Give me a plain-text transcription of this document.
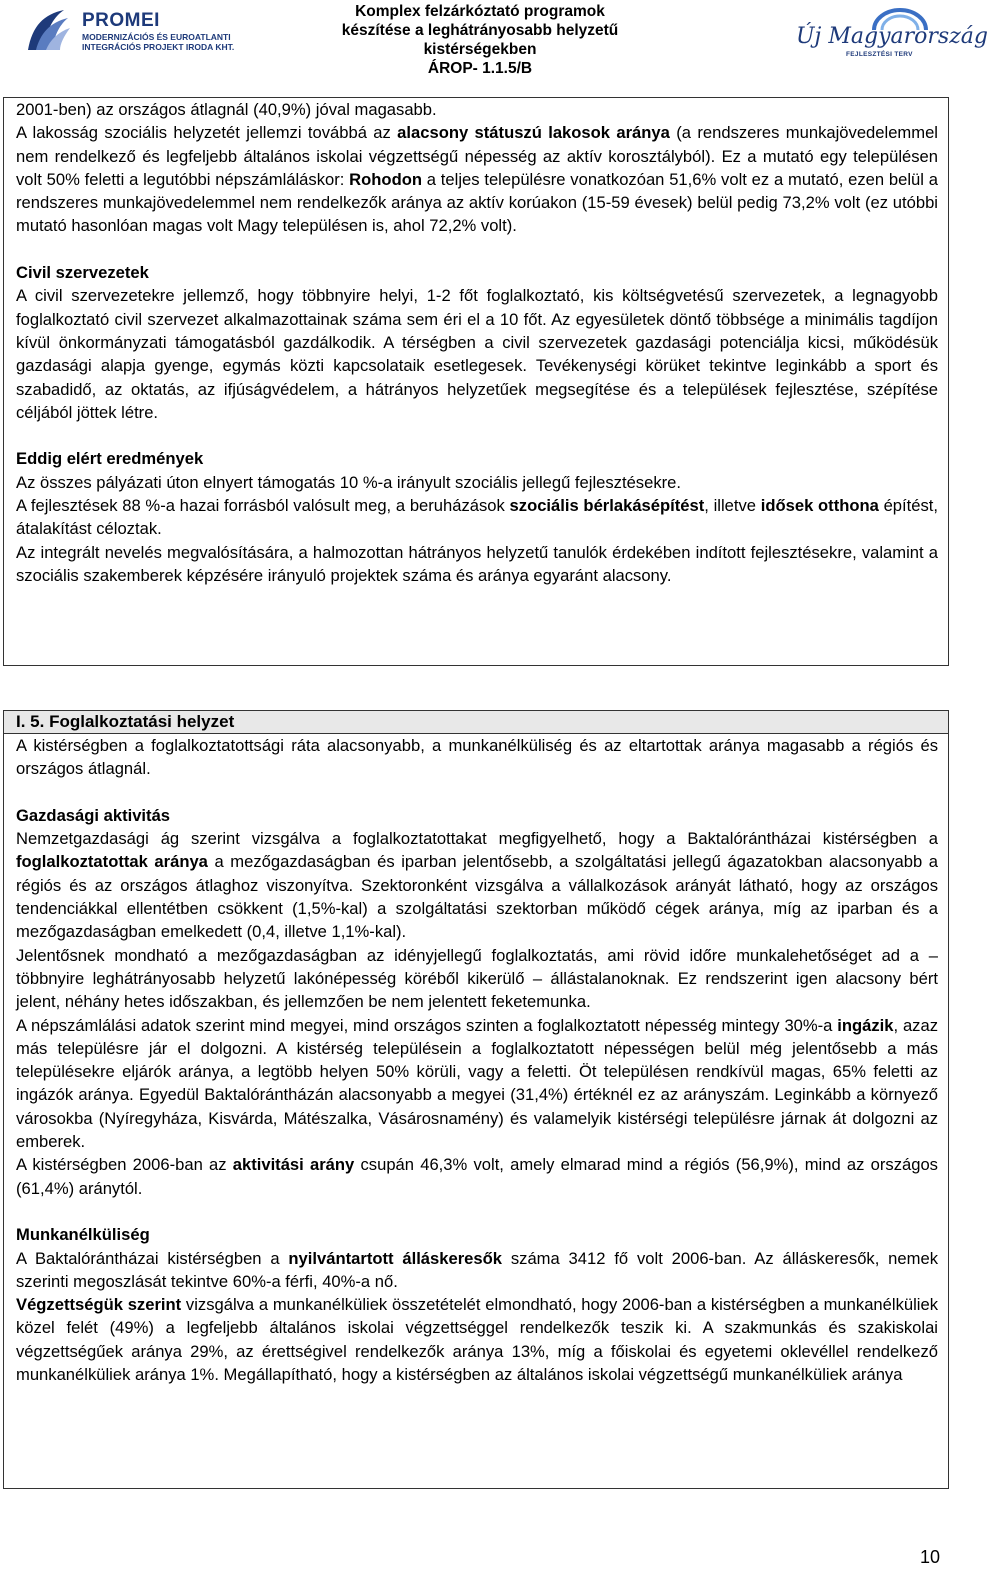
PROMEI
MODERNIZÁCIÓS ÉS EUROATLANTI
INTEGRÁCIÓS PROJEKT IRODA KHT.
Komplex felzárkóztató programok
készítése a leghátrányosabb helyzetű
kistérségekben
ÁROP- 1.1.5/B
Új Magyarország
FEJLESZTÉSI TERV

2001-ben) az országos átlagnál (40,9%) jóval magasabb.

A lakosság szociális helyzetét jellemzi továbbá az alacsony státuszú lakosok aránya (a rendszeres munkajövedelemmel nem rendelkező és legfeljebb általános iskolai végzettségű népesség az aktív korosztályból). Ez a mutató egy településen volt 50% feletti a legutóbbi népszámláláskor: Rohodon a teljes településre vonatkozóan 51,6% volt ez a mutató, ezen belül a rendszeres munkajövedelemmel nem rendelkezők aránya az aktív korúakon (15-59 évesek) belül pedig 73,2% volt (ez utóbbi mutató hasonlóan magas volt Magy településen is, ahol 72,2% volt).

Civil szervezetek

A civil szervezetekre jellemző, hogy többnyire helyi, 1-2 főt foglalkoztató, kis költségvetésű szervezetek, a legnagyobb foglalkoztató civil szervezet alkalmazottainak száma sem éri el a 10 főt. Az egyesületek döntő többsége a minimális tagdíjon kívül önkormányzati támogatásból gazdálkodik. A térségben a civil szervezetek gazdasági potenciálja kicsi, működésük gazdasági alapja gyenge, egymás közti kapcsolataik esetlegesek. Tevékenységi körüket tekintve leginkább a sport és szabadidő, az oktatás, az ifjúságvédelem, a hátrányos helyzetűek megsegítése és a települések fejlesztése, szépítése céljából jöttek létre.

Eddig elért eredmények

Az összes pályázati úton elnyert támogatás 10 %-a irányult szociális jellegű fejlesztésekre.

A fejlesztések 88 %-a hazai forrásból valósult meg, a beruházások szociális bérlakásépítést, illetve idősek otthona építést, átalakítást céloztak.

Az integrált nevelés megvalósítására, a halmozottan hátrányos helyzetű tanulók érdekében indított fejlesztésekre, valamint a szociális szakemberek képzésére irányuló projektek száma és aránya egyaránt alacsony.

I. 5. Foglalkoztatási helyzet

A kistérségben a foglalkoztatottsági ráta alacsonyabb, a munkanélküliség és az eltartottak aránya magasabb a régiós és országos átlagnál.

Gazdasági aktivitás

Nemzetgazdasági ág szerint vizsgálva a foglalkoztatottakat megfigyelhető, hogy a Baktalórántházai kistérségben a foglalkoztatottak aránya a mezőgazdaságban és iparban jelentősebb, a szolgáltatási jellegű ágazatokban alacsonyabb a régiós és az országos átlaghoz viszonyítva. Szektoronként vizsgálva a vállalkozások arányát látható, hogy az országos tendenciákkal ellentétben csökkent (1,5%-kal) a szolgáltatási szektorban működő cégek aránya, míg az iparban és a mezőgazdaságban emelkedett (0,4, illetve 1,1%-kal).

Jelentősnek mondható a mezőgazdaságban az idényjellegű foglalkoztatás, ami rövid időre munkalehetőséget ad a – többnyire leghátrányosabb helyzetű lakónépesség köréből kikerülő – állástalanoknak. Ez rendszerint igen alacsony bért jelent, néhány hetes időszakban, és jellemzően be nem jelentett feketemunka.

A népszámlálási adatok szerint mind megyei, mind országos szinten a foglalkoztatott népesség mintegy 30%-a ingázik, azaz más településre jár el dolgozni. A kistérség településein a foglalkoztatott népességen belül még jelentősebb a más településekre eljárók aránya, a legtöbb helyen 50% körüli, vagy a feletti. Öt településen rendkívül magas, 65% feletti az ingázók aránya. Egyedül Baktalórántházán alacsonyabb a megyei (31,4%) értéknél ez az arányszám. Leginkább a környező városokba (Nyíregyháza, Kisvárda, Mátészalka, Vásárosnamény) és valamelyik kistérségi településre járnak át dolgozni az emberek.

A kistérségben 2006-ban az aktivitási arány csupán 46,3% volt, amely elmarad mind a régiós (56,9%), mind az országos (61,4%) aránytól.

Munkanélküliség

A Baktalórántházai kistérségben a nyilvántartott álláskeresők száma 3412 fő volt 2006-ban. Az álláskeresők, nemek szerinti megoszlását tekintve 60%-a férfi, 40%-a nő.

Végzettségük szerint vizsgálva a munkanélküliek összetételét elmondható, hogy 2006-ban a kistérségben a munkanélküliek közel felét (49%) a legfeljebb általános iskolai végzettséggel rendelkezők teszik ki. A szakmunkás és szakiskolai végzettségűek aránya 29%, az érettségivel rendelkezők aránya 13%, míg a főiskolai és egyetemi oklevéllel rendelkező munkanélküliek aránya 1%. Megállapítható, hogy a kistérségben az általános iskolai végzettségű munkanélküliek aránya

10
